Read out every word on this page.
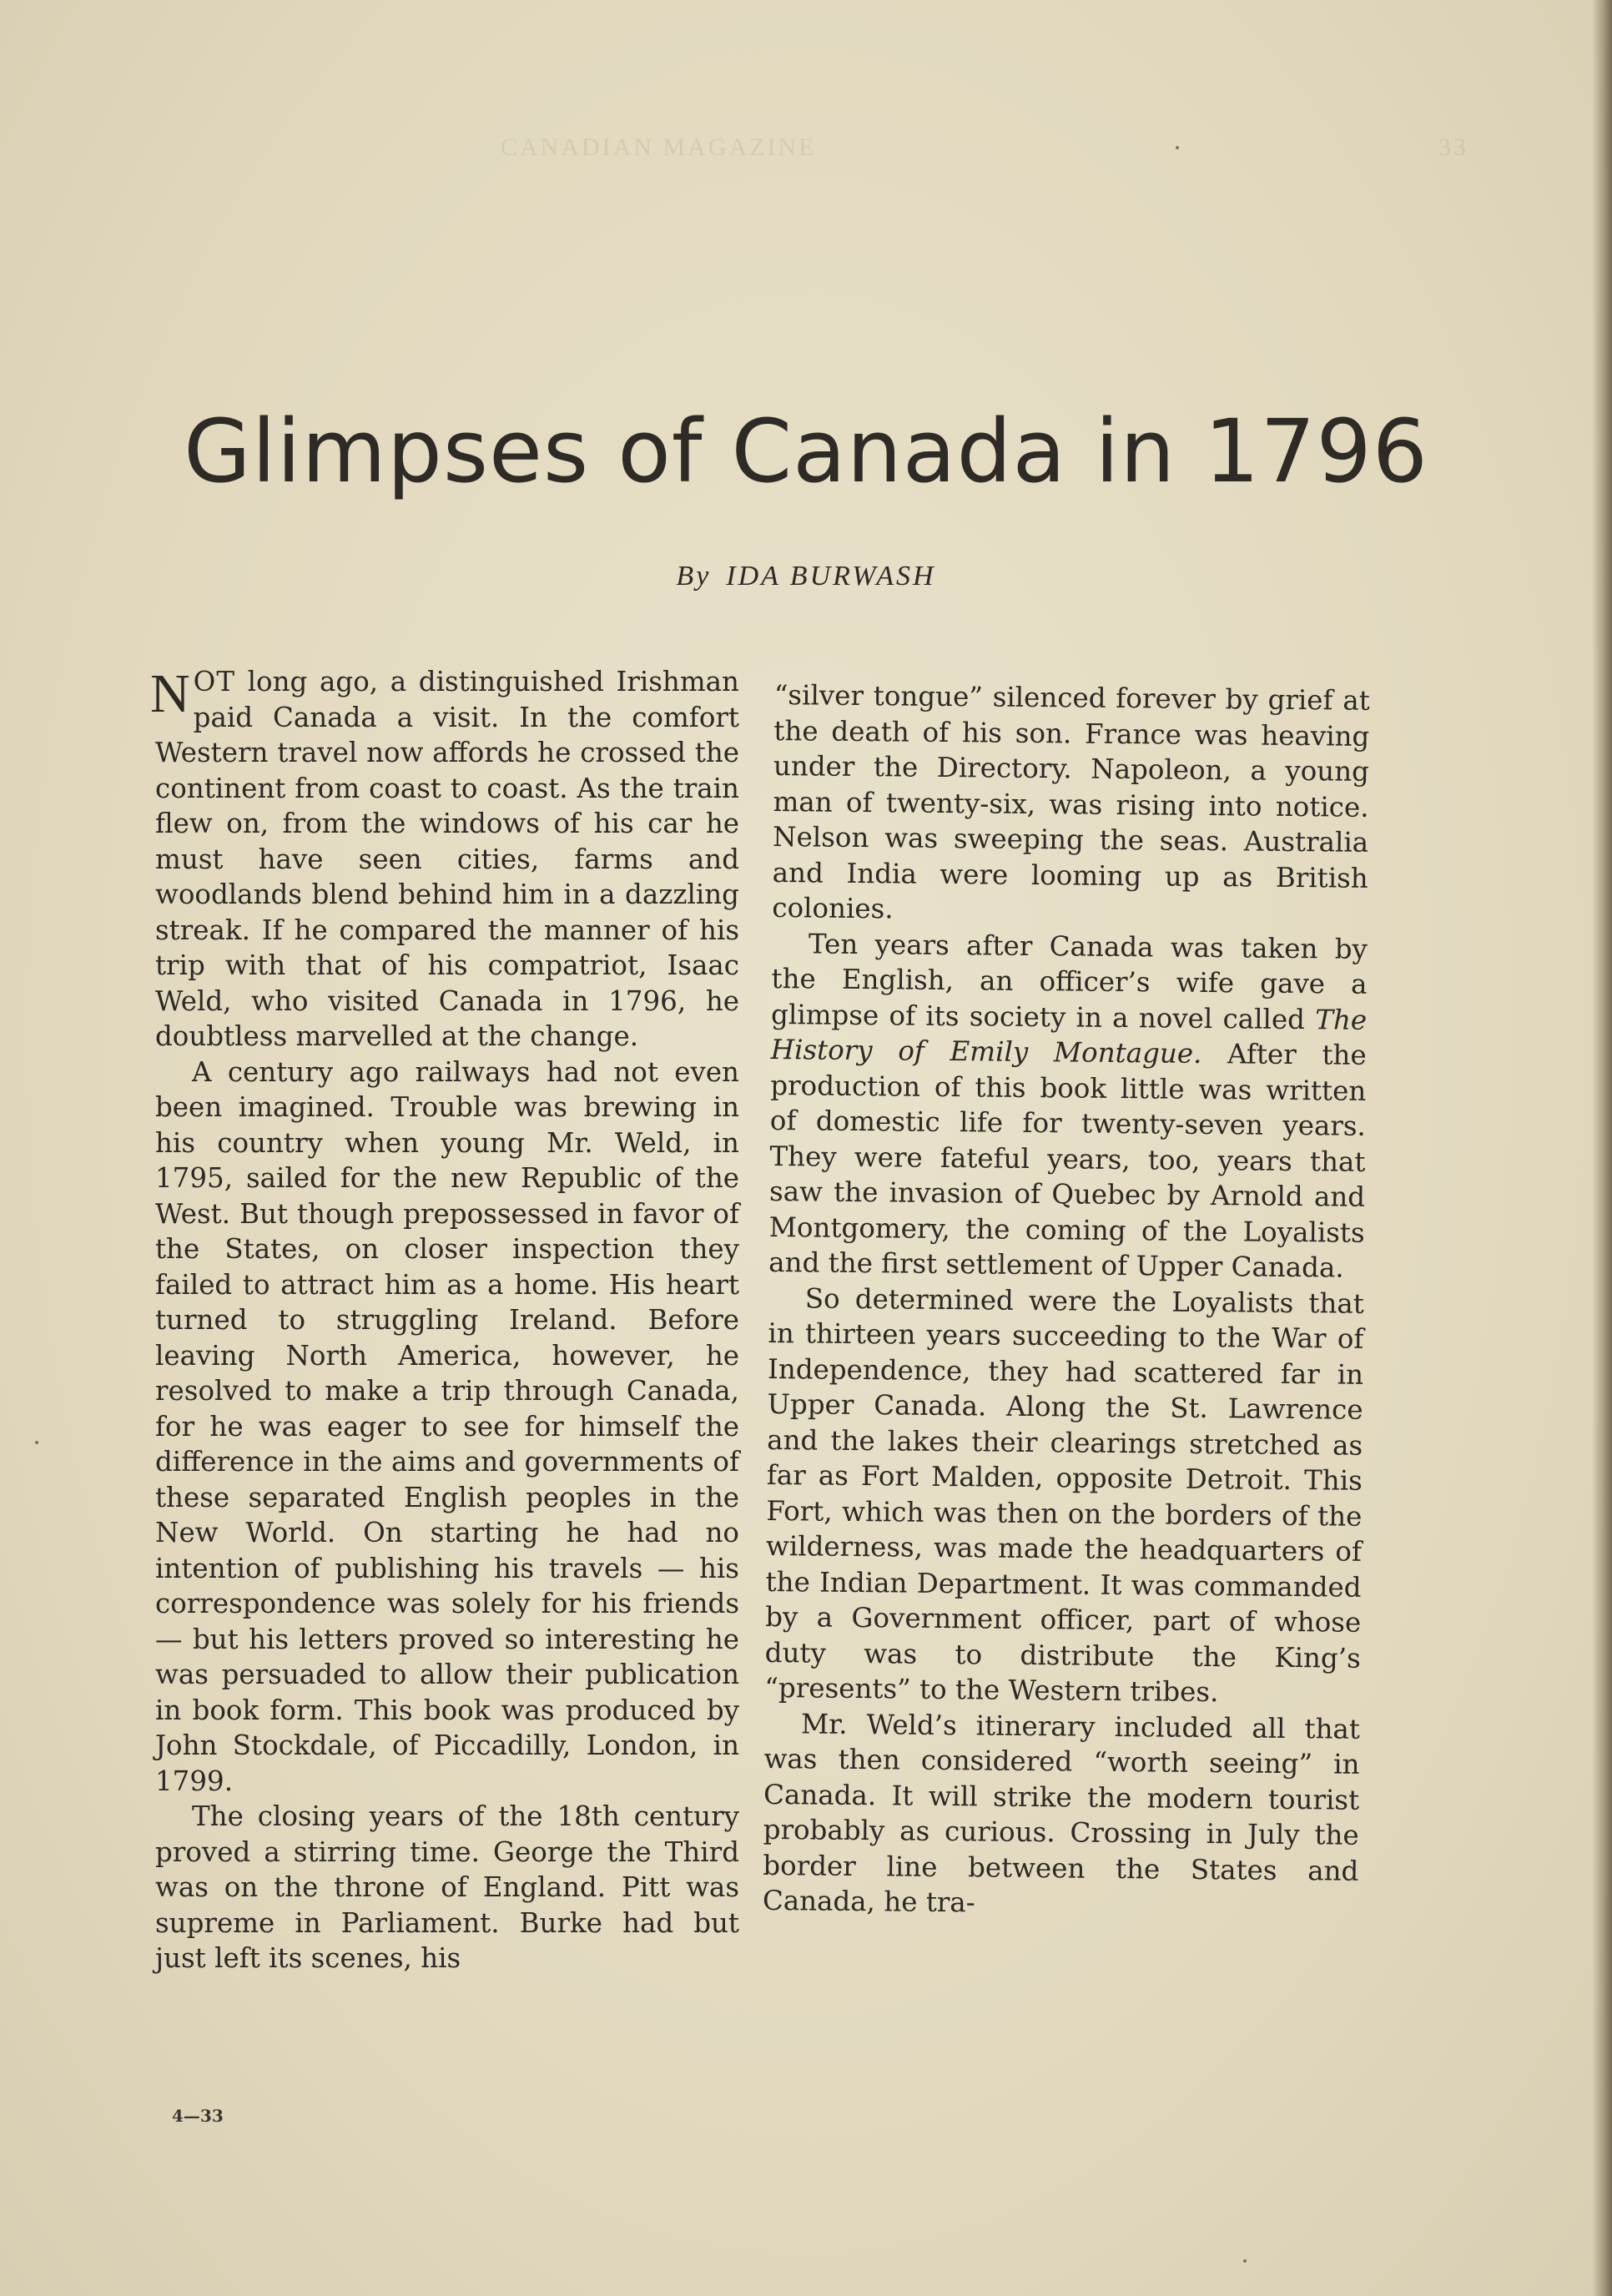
CANADIAN MAGAZINE	33
Glimpses of Canada in 1796
By IDA BURWASH

NOT long ago, a distinguished Irishman paid Canada a visit. In the comfort Western travel now affords he crossed the continent from coast to coast. As the train flew on, from the windows of his car he must have seen cities, farms and woodlands blend behind him in a dazzling streak. If he compared the manner of his trip with that of his compatriot, Isaac Weld, who visited Canada in 1796, he doubtless marvelled at the change.

A century ago railways had not even been imagined. Trouble was brewing in his country when young Mr. Weld, in 1795, sailed for the new Republic of the West. But though prepossessed in favor of the States, on closer inspection they failed to attract him as a home. His heart turned to struggling Ireland. Before leaving North America, however, he resolved to make a trip through Canada, for he was eager to see for himself the difference in the aims and governments of these separated English peoples in the New World. On starting he had no intention of publishing his travels — his correspondence was solely for his friends — but his letters proved so interesting he was persuaded to allow their publication in book form. This book was produced by John Stockdale, of Piccadilly, London, in 1799.

The closing years of the 18th century proved a stirring time. George the Third was on the throne of England. Pitt was supreme in Parliament. Burke had but just left its scenes, his

“silver tongue” silenced forever by grief at the death of his son. France was heaving under the Directory. Napoleon, a young man of twenty-six, was rising into notice. Nelson was sweeping the seas. Australia and India were looming up as British colonies.

Ten years after Canada was taken by the English, an officer’s wife gave a glimpse of its society in a novel called The History of Emily Montague. After the production of this book little was written of domestic life for twenty-seven years. They were fateful years, too, years that saw the invasion of Quebec by Arnold and Montgomery, the coming of the Loyalists and the first settlement of Upper Canada.

So determined were the Loyalists that in thirteen years succeeding to the War of Independence, they had scattered far in Upper Canada. Along the St. Lawrence and the lakes their clearings stretched as far as Fort Malden, opposite Detroit. This Fort, which was then on the borders of the wilderness, was made the headquarters of the Indian Department. It was commanded by a Government officer, part of whose duty was to distribute the King’s “presents” to the Western tribes.

Mr. Weld’s itinerary included all that was then considered “worth seeing” in Canada. It will strike the modern tourist probably as curious. Crossing in July the border line between the States and Canada, he tra-

4—33
